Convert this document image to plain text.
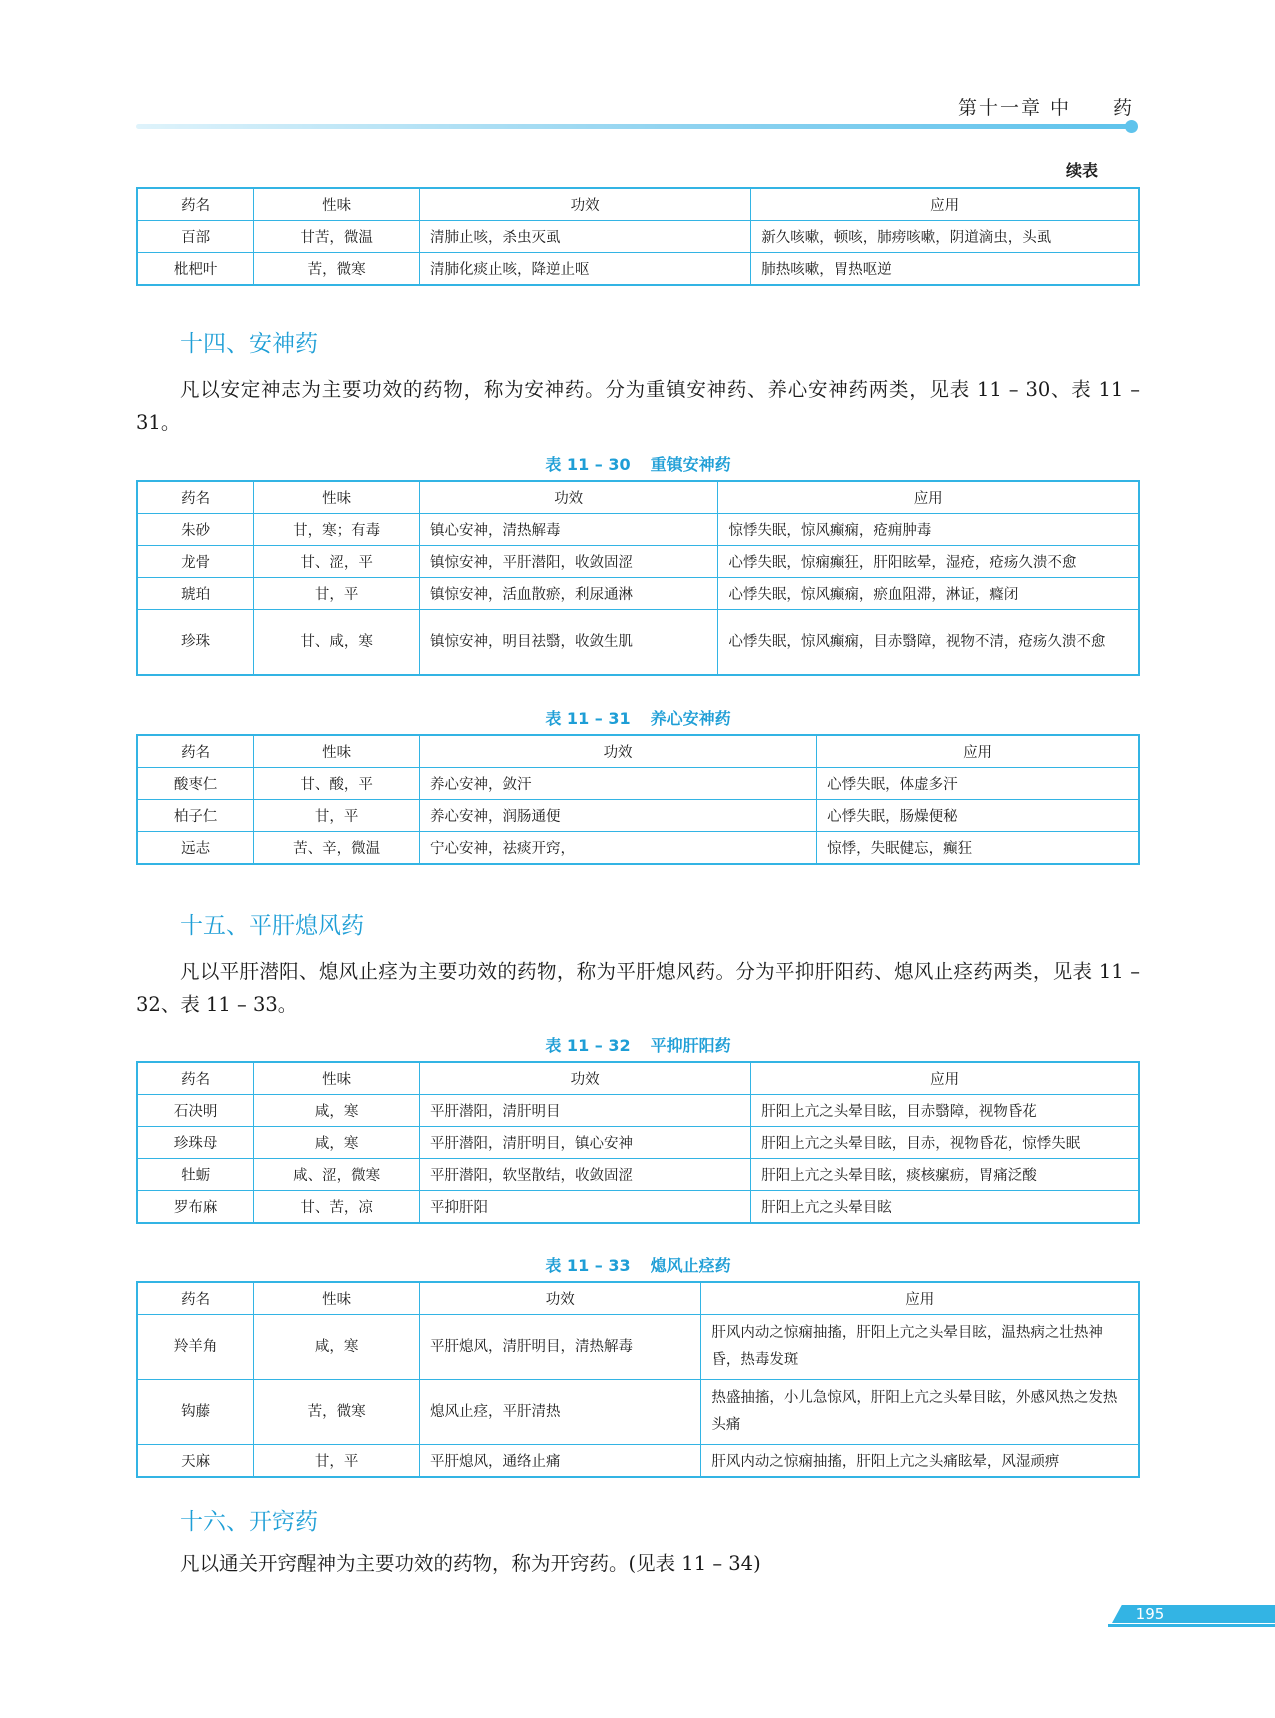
第十一章 中　　药
续表
药名	性味	功效	应用
百部	甘苦，微温	清肺止咳，杀虫灭虱	新久咳嗽，顿咳，肺痨咳嗽，阴道滴虫，头虱
枇杷叶	苦，微寒	清肺化痰止咳，降逆止呕	肺热咳嗽，胃热呕逆
十四、安神药
凡以安定神志为主要功效的药物，称为安神药。分为重镇安神药、养心安神药两类，见表 11 – 30、表 11 – 31。
表 11 – 30 重镇安神药
药名	性味	功效	应用
朱砂	甘，寒；有毒	镇心安神，清热解毒	惊悸失眠，惊风癫痫，疮痈肿毒
龙骨	甘、涩，平	镇惊安神，平肝潜阳，收敛固涩	心悸失眠，惊痫癫狂，肝阳眩晕，湿疮，疮疡久溃不愈
琥珀	甘，平	镇惊安神，活血散瘀，利尿通淋	心悸失眠，惊风癫痫，瘀血阻滞，淋证，癃闭
珍珠	甘、咸，寒	镇惊安神，明目祛翳，收敛生肌	心悸失眠，惊风癫痫，目赤翳障，视物不清，疮疡久溃不愈
表 11 – 31 养心安神药
药名	性味	功效	应用
酸枣仁	甘、酸，平	养心安神，敛汗	心悸失眠，体虚多汗
柏子仁	甘，平	养心安神，润肠通便	心悸失眠，肠燥便秘
远志	苦、辛，微温	宁心安神，祛痰开窍，	惊悸，失眠健忘，癫狂
十五、平肝熄风药
凡以平肝潜阳、熄风止痉为主要功效的药物，称为平肝熄风药。分为平抑肝阳药、熄风止痉药两类，见表 11 – 32、表 11 – 33。
表 11 – 32 平抑肝阳药
药名	性味	功效	应用
石决明	咸，寒	平肝潜阳，清肝明目	肝阳上亢之头晕目眩，目赤翳障，视物昏花
珍珠母	咸，寒	平肝潜阳，清肝明目，镇心安神	肝阳上亢之头晕目眩，目赤，视物昏花，惊悸失眠
牡蛎	咸、涩，微寒	平肝潜阳，软坚散结，收敛固涩	肝阳上亢之头晕目眩，痰核瘰疬，胃痛泛酸
罗布麻	甘、苦，凉	平抑肝阳	肝阳上亢之头晕目眩
表 11 – 33 熄风止痉药
药名	性味	功效	应用
羚羊角	咸，寒	平肝熄风，清肝明目，清热解毒	肝风内动之惊痫抽搐，肝阳上亢之头晕目眩，温热病之壮热神昏，热毒发斑
钩藤	苦，微寒	熄风止痉，平肝清热	热盛抽搐，小儿急惊风，肝阳上亢之头晕目眩，外感风热之发热头痛
天麻	甘，平	平肝熄风，通络止痛	肝风内动之惊痫抽搐，肝阳上亢之头痛眩晕，风湿顽痹
十六、开窍药
凡以通关开窍醒神为主要功效的药物，称为开窍药。(见表 11 – 34)
195
